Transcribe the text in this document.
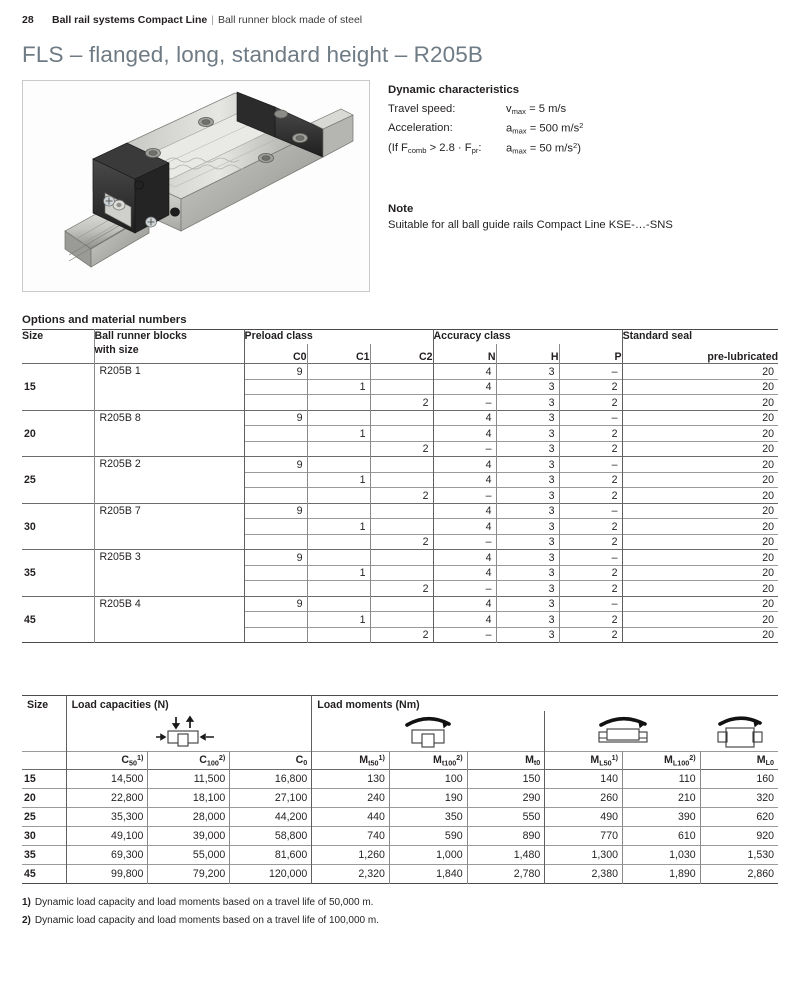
28	Ball rail systems Compact Line | Ball runner block made of steel
FLS – flanged, long, standard height – R205B
Dynamic characteristics
Travel speed:	$v_{max} = 5$ m/s
Acceleration:	$a_{max} = 500$ $m/s^2$
(If $F_{comb} > 2.8 \cdot F_{pr}$:	$a_{max} = 50$ $m/s^2$)
Note
Suitable for all ball guide rails Compact Line KSE-…-SNS
Options and material numbers
Size	Ball runner blocks
with size	Preload class			Accuracy class			Standard seal
		C0	C1	C2	N	H	P	pre-lubricated
15	R205B 1	9			4	3	–	20
			1		4	3	2	20
				2	–	3	2	20
20	R205B 8	9			4	3	–	20
			1		4	3	2	20
				2	–	3	2	20
25	R205B 2	9			4	3	–	20
			1		4	3	2	20
				2	–	3	2	20
30	R205B 7	9			4	3	–	20
			1		4	3	2	20
				2	–	3	2	20
35	R205B 3	9			4	3	–	20
			1		4	3	2	20
				2	–	3	2	20
45	R205B 4	9			4	3	–	20
			1		4	3	2	20
				2	–	3	2	20

Size	Load capacities (N)			Load moments (Nm)					

	$C_{50}^{1)}$	$C_{100}^{2)}$	$C_0$	$M_{t50}^{1)}$	$M_{t100}^{2)}$	$M_{t0}$	$M_{L50}^{1)}$	$M_{L100}^{2)}$	$M_{L0}$
15	14,500	11,500	16,800	130	100	150	140	110	160
20	22,800	18,100	27,100	240	190	290	260	210	320
25	35,300	28,000	44,200	440	350	550	490	390	620
30	49,100	39,000	58,800	740	590	890	770	610	920
35	69,300	55,000	81,600	1,260	1,000	1,480	1,300	1,030	1,530
45	99,800	79,200	120,000	2,320	1,840	2,780	2,380	1,890	2,860

1) Dynamic load capacity and load moments based on a travel life of 50,000 m.
2) Dynamic load capacity and load moments based on a travel life of 100,000 m.
